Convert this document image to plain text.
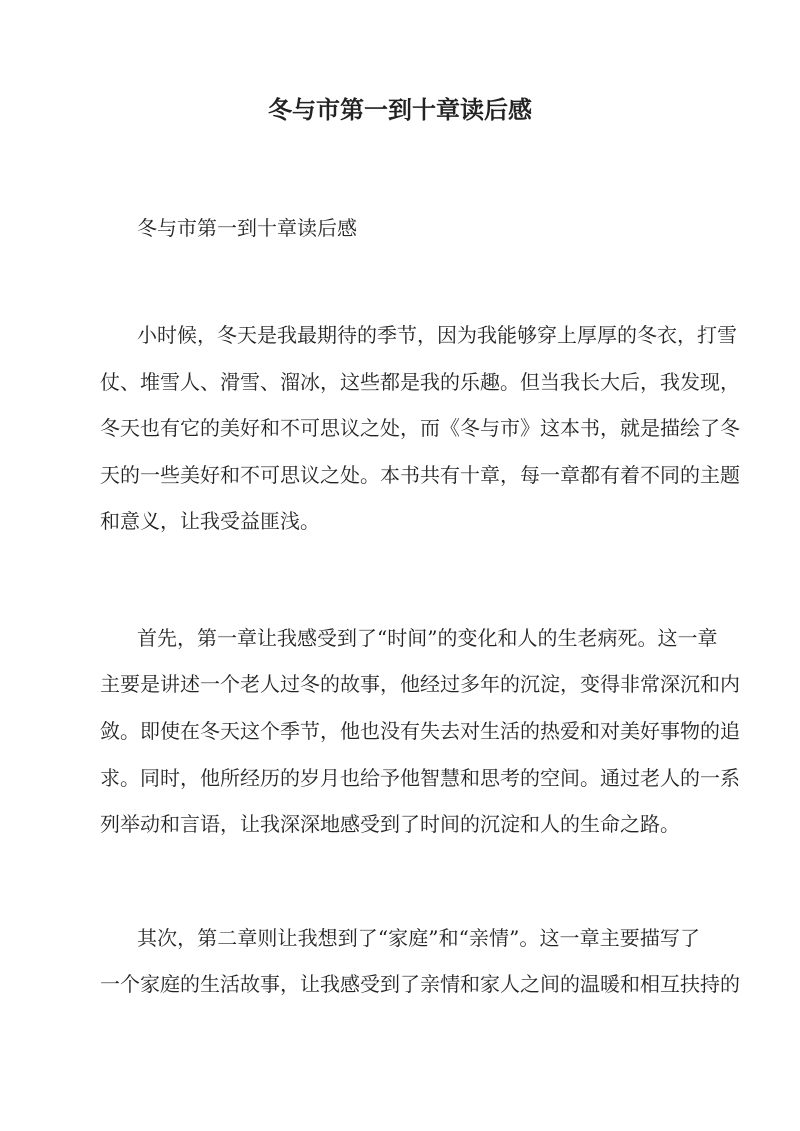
冬与市第一到十章读后感
冬与市第一到十章读后感
小时候，冬天是我最期待的季节，因为我能够穿上厚厚的冬衣，打雪
仗、堆雪人、滑雪、溜冰，这些都是我的乐趣。但当我长大后，我发现，
冬天也有它的美好和不可思议之处，而《冬与市》这本书，就是描绘了冬
天的一些美好和不可思议之处。本书共有十章，每一章都有着不同的主题
和意义，让我受益匪浅。
首先，第一章让我感受到了“时间”的变化和人的生老病死。这一章
主要是讲述一个老人过冬的故事，他经过多年的沉淀，变得非常深沉和内
敛。即使在冬天这个季节，他也没有失去对生活的热爱和对美好事物的追
求。同时，他所经历的岁月也给予他智慧和思考的空间。通过老人的一系
列举动和言语，让我深深地感受到了时间的沉淀和人的生命之路。
其次，第二章则让我想到了“家庭”和“亲情”。这一章主要描写了
一个家庭的生活故事，让我感受到了亲情和家人之间的温暖和相互扶持的
